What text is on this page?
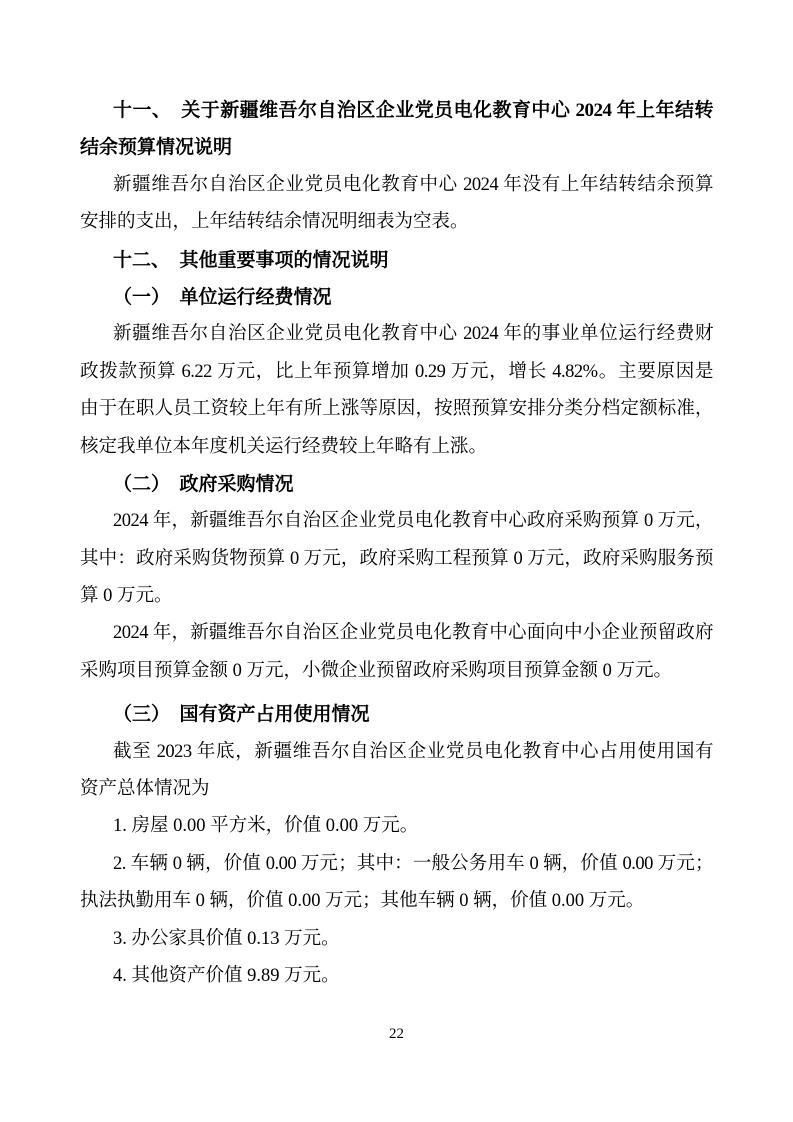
十一、　关于新疆维吾尔自治区企业党员电化教育中心 2024 年上年结转
结余预算情况说明
新疆维吾尔自治区企业党员电化教育中心 2024 年没有上年结转结余预算
安排的支出，上年结转结余情况明细表为空表。
十二、　其他重要事项的情况说明
（一） 单位运行经费情况
新疆维吾尔自治区企业党员电化教育中心 2024 年的事业单位运行经费财
政拨款预算 6.22 万元，比上年预算增加 0.29 万元，增长 4.82%。主要原因是
由于在职人员工资较上年有所上涨等原因，按照预算安排分类分档定额标准，
核定我单位本年度机关运行经费较上年略有上涨。
（二） 政府采购情况
2024 年，新疆维吾尔自治区企业党员电化教育中心政府采购预算 0 万元，
其中：政府采购货物预算 0 万元，政府采购工程预算 0 万元，政府采购服务预
算 0 万元。
2024 年，新疆维吾尔自治区企业党员电化教育中心面向中小企业预留政府
采购项目预算金额 0 万元，小微企业预留政府采购项目预算金额 0 万元。
（三） 国有资产占用使用情况
截至 2023 年底，新疆维吾尔自治区企业党员电化教育中心占用使用国有
资产总体情况为
1. 房屋 0.00 平方米，价值 0.00 万元。
2. 车辆 0 辆，价值 0.00 万元；其中：一般公务用车 0 辆，价值 0.00 万元；
执法执勤用车 0 辆，价值 0.00 万元；其他车辆 0 辆，价值 0.00 万元。
3. 办公家具价值 0.13 万元。
4. 其他资产价值 9.89 万元。
22
